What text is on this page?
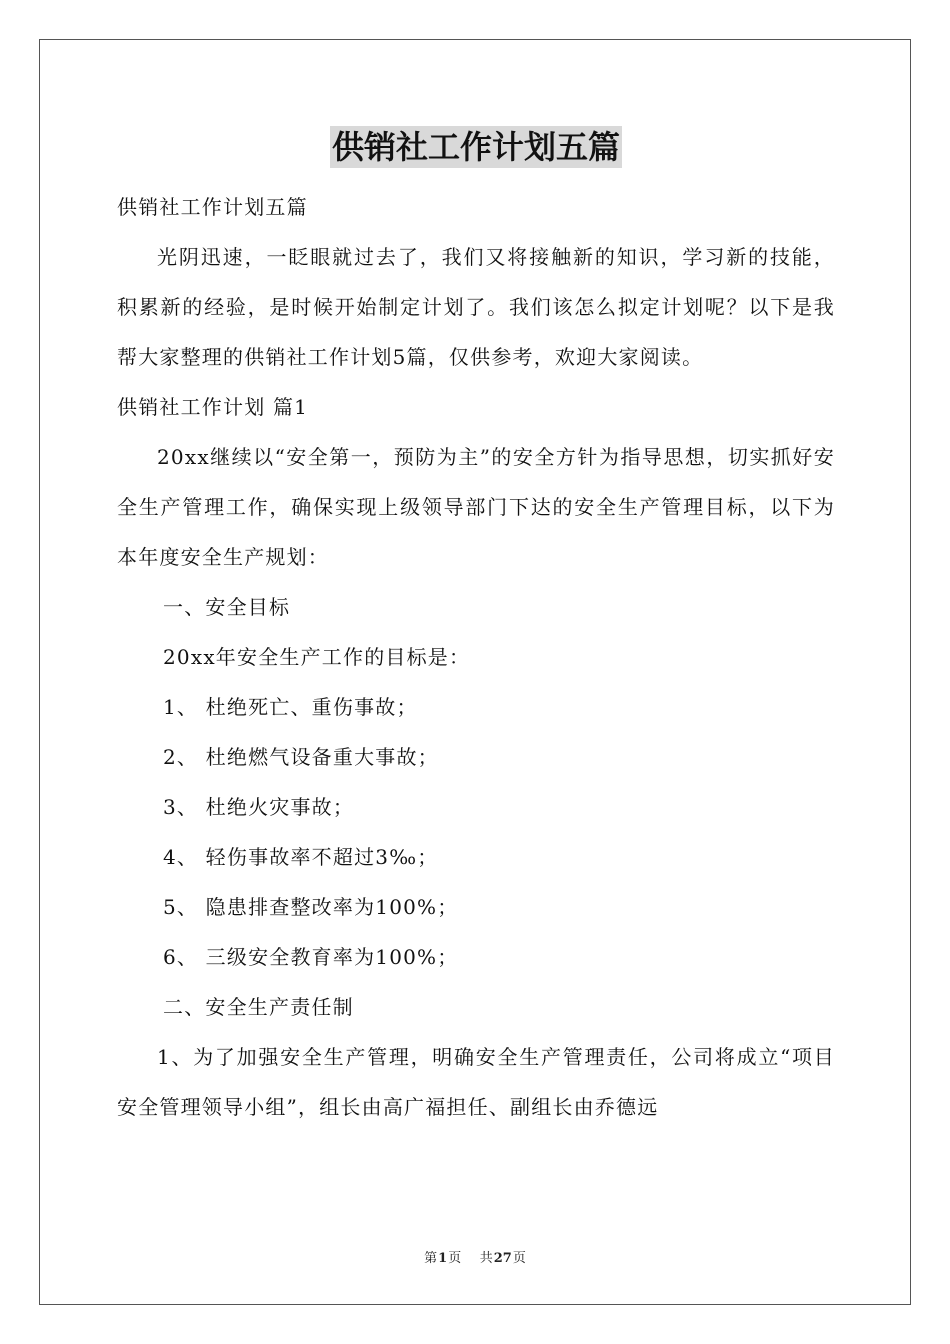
供销社工作计划五篇
供销社工作计划五篇
光阴迅速，一眨眼就过去了，我们又将接触新的知识，学习新的技能，积累新的经验，是时候开始制定计划了。我们该怎么拟定计划呢？以下是我帮大家整理的供销社工作计划5篇，仅供参考，欢迎大家阅读。
供销社工作计划 篇1
20xx继续以“安全第一，预防为主”的安全方针为指导思想，切实抓好安全生产管理工作，确保实现上级领导部门下达的安全生产管理目标，以下为本年度安全生产规划：
一、安全目标
20xx年安全生产工作的目标是：
1、 杜绝死亡、重伤事故；
2、 杜绝燃气设备重大事故；
3、 杜绝火灾事故；
4、 轻伤事故率不超过3‰；
5、 隐患排查整改率为100%；
6、 三级安全教育率为100%；
二、安全生产责任制
1、为了加强安全生产管理，明确安全生产管理责任，公司将成立“项目安全管理领导小组”，组长由高广福担任、副组长由乔德远
第1页 共27页
